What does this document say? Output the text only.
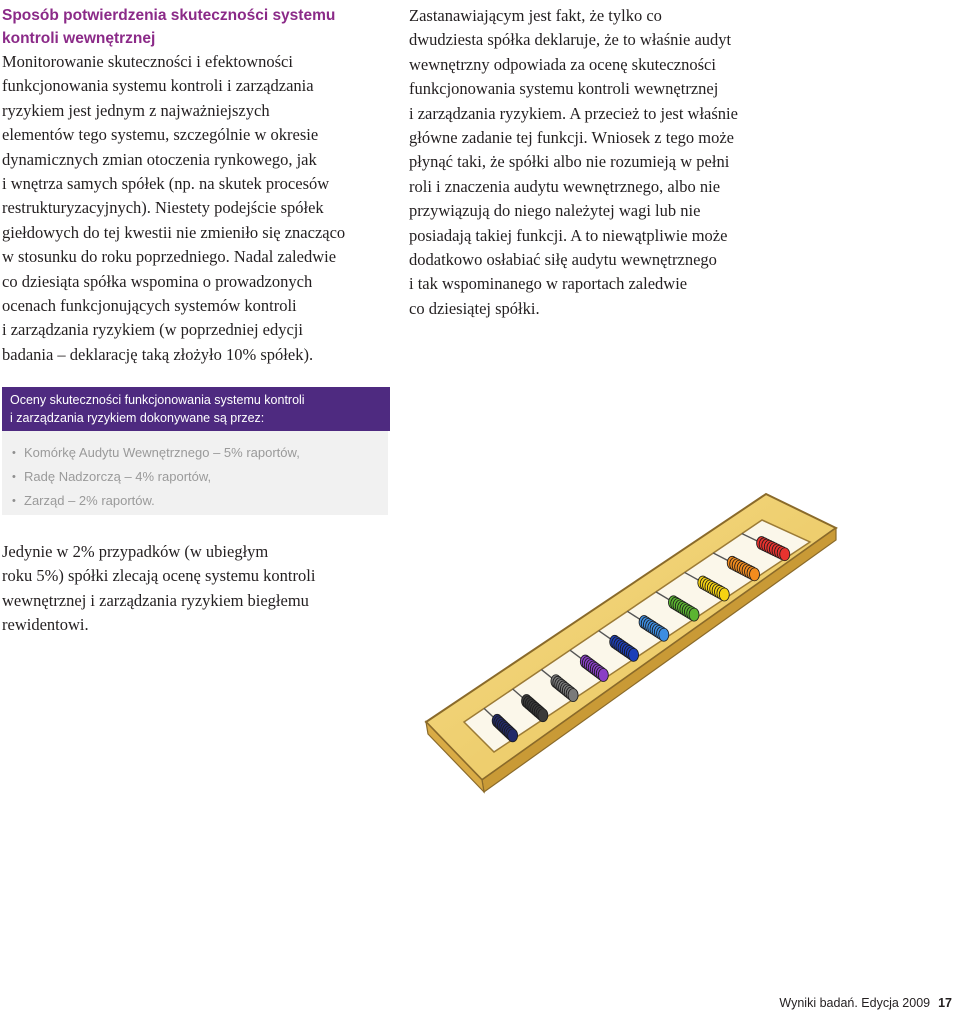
Sposób potwierdzenia skuteczności systemu
kontroli wewnętrznej
Monitorowanie skuteczności i efektowności
funkcjonowania systemu kontroli i zarządzania
ryzykiem jest jednym z najważniejszych
elementów tego systemu, szczególnie w okresie
dynamicznych zmian otoczenia rynkowego, jak
i wnętrza samych spółek (np. na skutek procesów
restrukturyzacyjnych). Niestety podejście spółek
giełdowych do tej kwestii nie zmieniło się znacząco
w stosunku do roku poprzedniego. Nadal zaledwie
co dziesiąta spółka wspomina o prowadzonych
ocenach funkcjonujących systemów kontroli
i zarządzania ryzykiem (w poprzedniej edycji
badania – deklarację taką złożyło 10% spółek).
Zastanawiającym jest fakt, że tylko co
dwudziesta spółka deklaruje, że to właśnie audyt
wewnętrzny odpowiada za ocenę skuteczności
funkcjonowania systemu kontroli wewnętrznej
i zarządzania ryzykiem. A przecież to jest właśnie
główne zadanie tej funkcji. Wniosek z tego może
płynąć taki, że spółki albo nie rozumieją w pełni
roli i znaczenia audytu wewnętrznego, albo nie
przywiązują do niego należytej wagi lub nie
posiadają takiej funkcji. A to niewątpliwie może
dodatkowo osłabiać siłę audytu wewnętrznego
i tak wspominanego w raportach zaledwie
co dziesiątej spółki.
Oceny skuteczności funkcjonowania systemu kontroli
i zarządzania ryzykiem dokonywane są przez:
• Komórkę Audytu Wewnętrznego – 5% raportów,
• Radę Nadzorczą – 4% raportów,
• Zarząd – 2% raportów.
Jedynie w 2% przypadków (w ubiegłym
roku 5%) spółki zlecają ocenę systemu kontroli
wewnętrznej i zarządzania ryzykiem biegłemu
rewidentowi.
Wyniki badań. Edycja 2009 17
